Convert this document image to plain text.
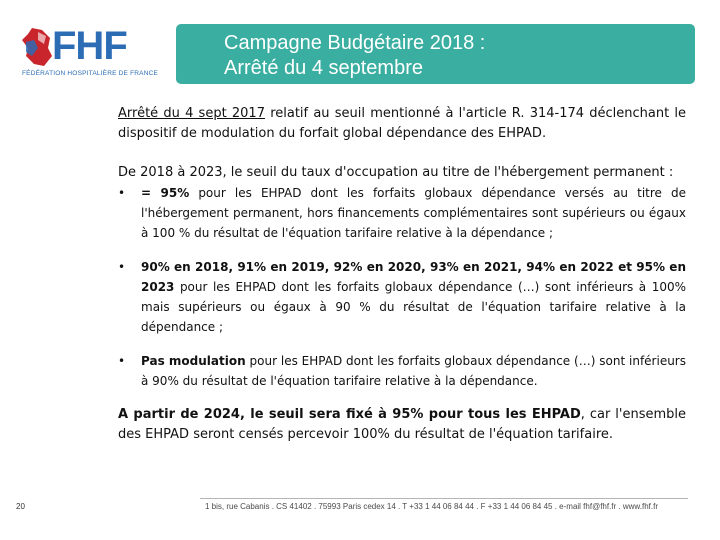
FHF
FÉDÉRATION HOSPITALIÈRE DE FRANCE
Campagne Budgétaire 2018 :
Arrêté du 4 septembre

Arrêté du 4 sept 2017 relatif au seuil mentionné à l'article R. 314-174 déclenchant le dispositif de modulation du forfait global dépendance des EHPAD.

De 2018 à 2023, le seuil du taux d'occupation au titre de l'hébergement permanent :

• = 95% pour les EHPAD dont les forfaits globaux dépendance versés au titre de l'hébergement permanent, hors financements complémentaires sont supérieurs ou égaux à 100 % du résultat de l'équation tarifaire relative à la dépendance ;
• 90% en 2018, 91% en 2019, 92% en 2020, 93% en 2021, 94% en 2022 et 95% en 2023 pour les EHPAD dont les forfaits globaux dépendance (…) sont inférieurs à 100% mais supérieurs ou égaux à 90 % du résultat de l'équation tarifaire relative à la dépendance ;
• Pas modulation pour les EHPAD dont les forfaits globaux dépendance (…) sont inférieurs à 90% du résultat de l'équation tarifaire relative à la dépendance.

A partir de 2024, le seuil sera fixé à 95% pour tous les EHPAD, car l'ensemble des EHPAD seront censés percevoir 100% du résultat de l'équation tarifaire.

20	1 bis, rue Cabanis . CS 41402 . 75993 Paris cedex 14 . T +33 1 44 06 84 44 . F +33 1 44 06 84 45 . e-mail fhf@fhf.fr . www.fhf.fr
